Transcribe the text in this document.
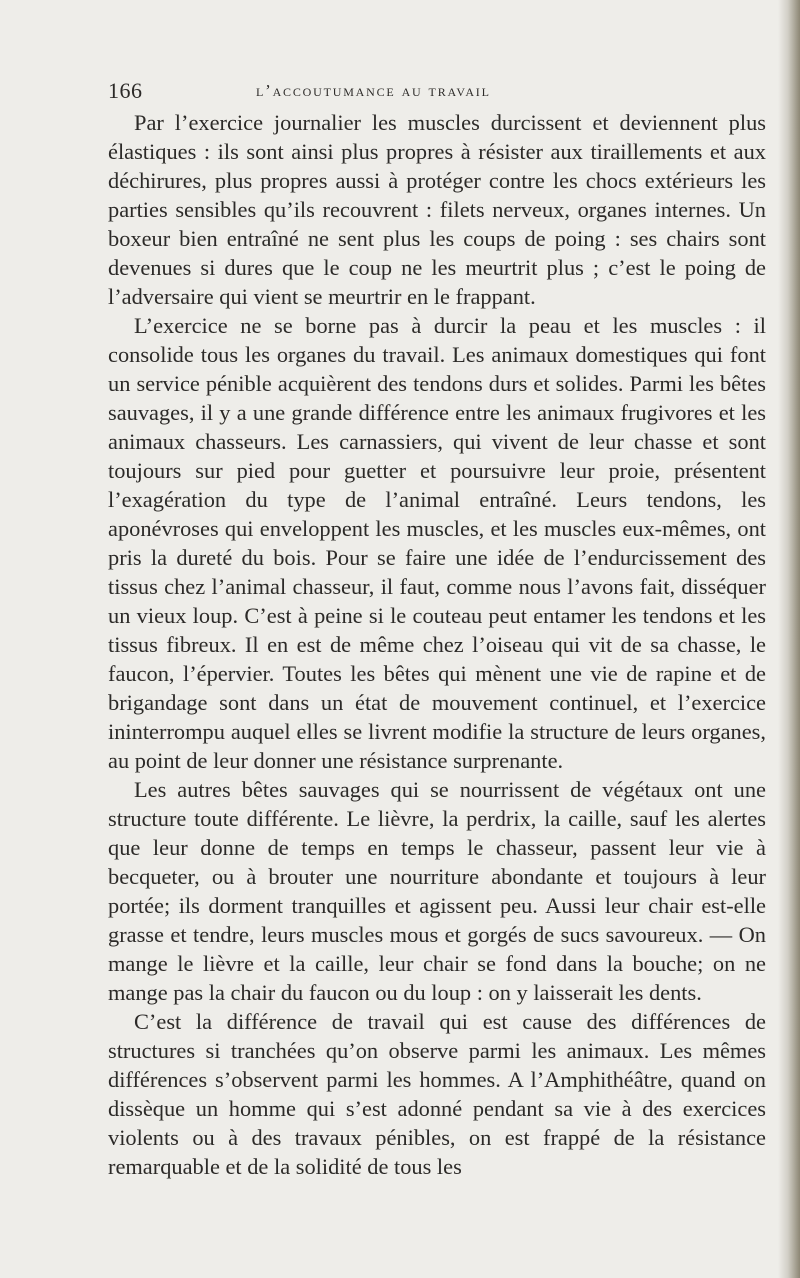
166	l’accoutumance au travail

Par l’exercice journalier les muscles durcissent et deviennent plus élastiques : ils sont ainsi plus propres à résister aux tiraillements et aux déchirures, plus propres aussi à protéger contre les chocs extérieurs les parties sensibles qu’ils recouvrent : filets nerveux, organes internes. Un boxeur bien entraîné ne sent plus les coups de poing : ses chairs sont devenues si dures que le coup ne les meurtrit plus ; c’est le poing de l’adversaire qui vient se meurtrir en le frappant.

L’exercice ne se borne pas à durcir la peau et les muscles : il consolide tous les organes du travail. Les animaux domestiques qui font un service pénible acquièrent des tendons durs et solides. Parmi les bêtes sauvages, il y a une grande différence entre les animaux frugivores et les animaux chasseurs. Les carnassiers, qui vivent de leur chasse et sont toujours sur pied pour guetter et poursuivre leur proie, présentent l’exagération du type de l’animal entraîné. Leurs tendons, les aponévroses qui enveloppent les muscles, et les muscles eux-mêmes, ont pris la dureté du bois. Pour se faire une idée de l’endurcissement des tissus chez l’animal chasseur, il faut, comme nous l’avons fait, disséquer un vieux loup. C’est à peine si le couteau peut entamer les tendons et les tissus fibreux. Il en est de même chez l’oiseau qui vit de sa chasse, le faucon, l’épervier. Toutes les bêtes qui mènent une vie de rapine et de brigandage sont dans un état de mouvement continuel, et l’exercice ininterrompu auquel elles se livrent modifie la structure de leurs organes, au point de leur donner une résistance surprenante.

Les autres bêtes sauvages qui se nourrissent de végétaux ont une structure toute différente. Le lièvre, la perdrix, la caille, sauf les alertes que leur donne de temps en temps le chasseur, passent leur vie à becqueter, ou à brouter une nourriture abondante et toujours à leur portée; ils dorment tranquilles et agissent peu. Aussi leur chair est-elle grasse et tendre, leurs muscles mous et gorgés de sucs savoureux. — On mange le lièvre et la caille, leur chair se fond dans la bouche; on ne mange pas la chair du faucon ou du loup : on y laisserait les dents.

C’est la différence de travail qui est cause des différences de structures si tranchées qu’on observe parmi les animaux. Les mêmes différences s’observent parmi les hommes. A l’Amphithéâtre, quand on dissèque un homme qui s’est adonné pendant sa vie à des exercices violents ou à des travaux pénibles, on est frappé de la résistance remarquable et de la solidité de tous les
